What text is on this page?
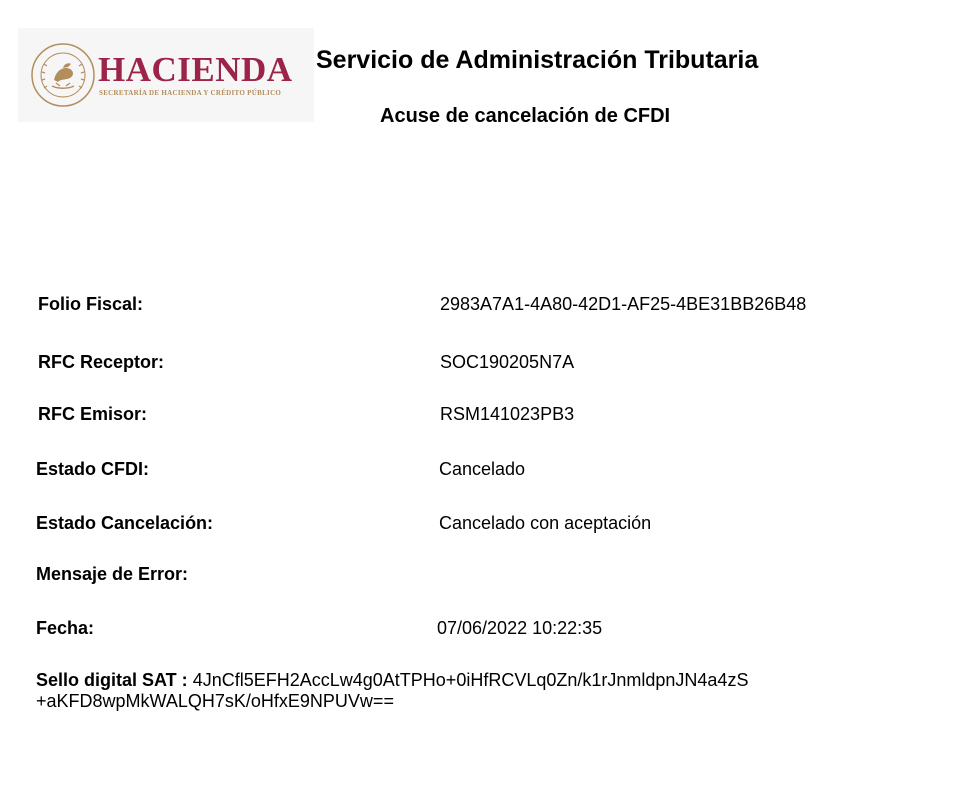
HACIENDA
SECRETARÍA DE HACIENDA Y CRÉDITO PÚBLICO
Servicio de Administración Tributaria
Acuse de cancelación de CFDI
Folio Fiscal:	2983A7A1-4A80-42D1-AF25-4BE31BB26B48
RFC Receptor:	SOC190205N7A
RFC Emisor:	RSM141023PB3
Estado CFDI:	Cancelado
Estado Cancelación:	Cancelado con aceptación
Mensaje de Error:
Fecha:	07/06/2022 10:22:35
Sello digital SAT : 4JnCfl5EFH2AccLw4g0AtTPHo+0iHfRCVLq0Zn/k1rJnmldpnJN4a4zS +aKFD8wpMkWALQH7sK/oHfxE9NPUVw==
